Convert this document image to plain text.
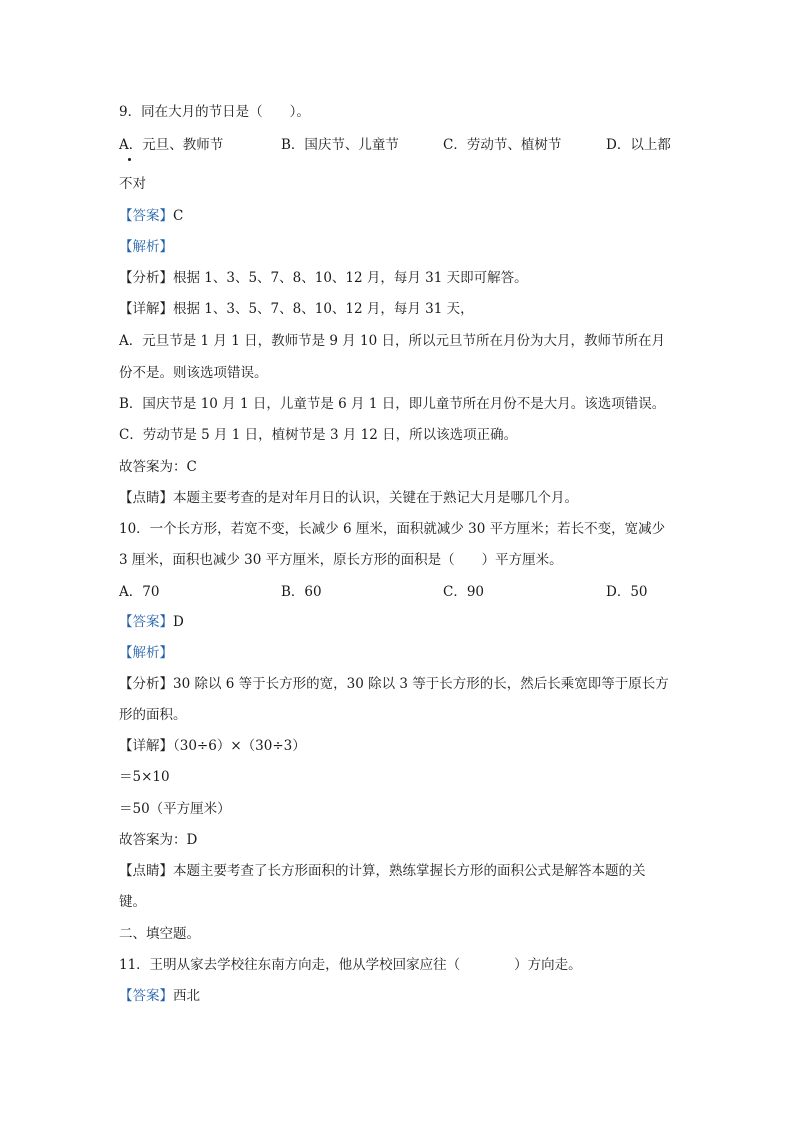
9．同在大月的节日是（　　）。
A．元旦、教师节	B．国庆节、儿童节	C．劳动节、植树节	D．以上都
不对
【答案】C
【解析】
【分析】根据 1、3、5、7、8、10、12 月，每月 31 天即可解答。
【详解】根据 1、3、5、7、8、10、12 月，每月 31 天，
A．元旦节是 1 月 1 日，教师节是 9 月 10 日，所以元旦节所在月份为大月，教师节所在月
份不是。则该选项错误。
B．国庆节是 10 月 1 日，儿童节是 6 月 1 日，即儿童节所在月份不是大月。该选项错误。
C．劳动节是 5 月 1 日，植树节是 3 月 12 日，所以该选项正确。
故答案为：C
【点睛】本题主要考查的是对年月日的认识，关键在于熟记大月是哪几个月。
10．一个长方形，若宽不变，长减少 6 厘米，面积就减少 30 平方厘米；若长不变，宽减少
3 厘米，面积也减少 30 平方厘米，原长方形的面积是（　　）平方厘米。
A．70	B．60	C．90	D．50
【答案】D
【解析】
【分析】30 除以 6 等于长方形的宽，30 除以 3 等于长方形的长，然后长乘宽即等于原长方
形的面积。
【详解】（30÷6）×（30÷3）
＝5×10
＝50（平方厘米）
故答案为：D
【点睛】本题主要考查了长方形面积的计算，熟练掌握长方形的面积公式是解答本题的关
键。
二、填空题。
11．王明从家去学校往东南方向走，他从学校回家应往（　　　　）方向走。
【答案】西北
